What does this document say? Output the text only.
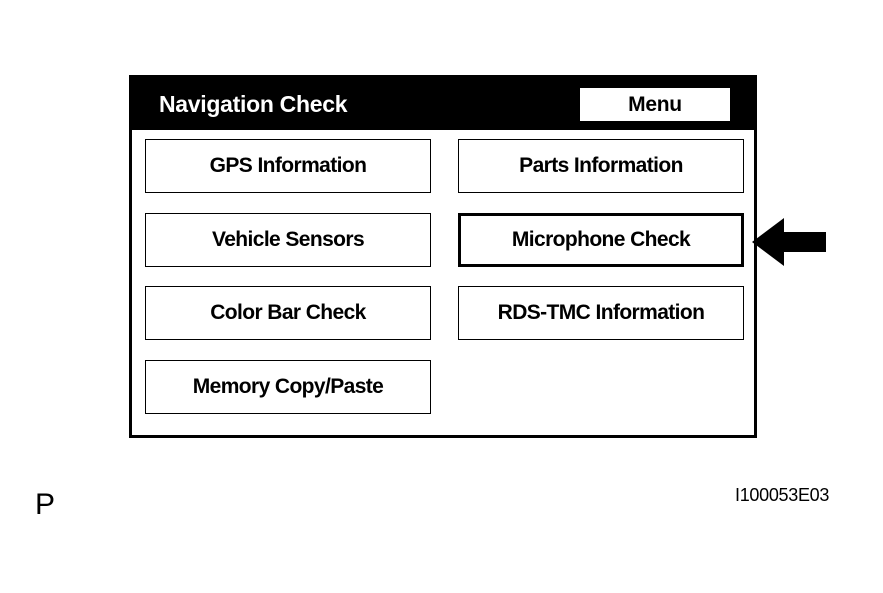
Navigation Check	Menu
GPS Information	Parts Information
Vehicle Sensors	Microphone Check
Color Bar Check	RDS-TMC Information
Memory Copy/Paste
P	I100053E03
